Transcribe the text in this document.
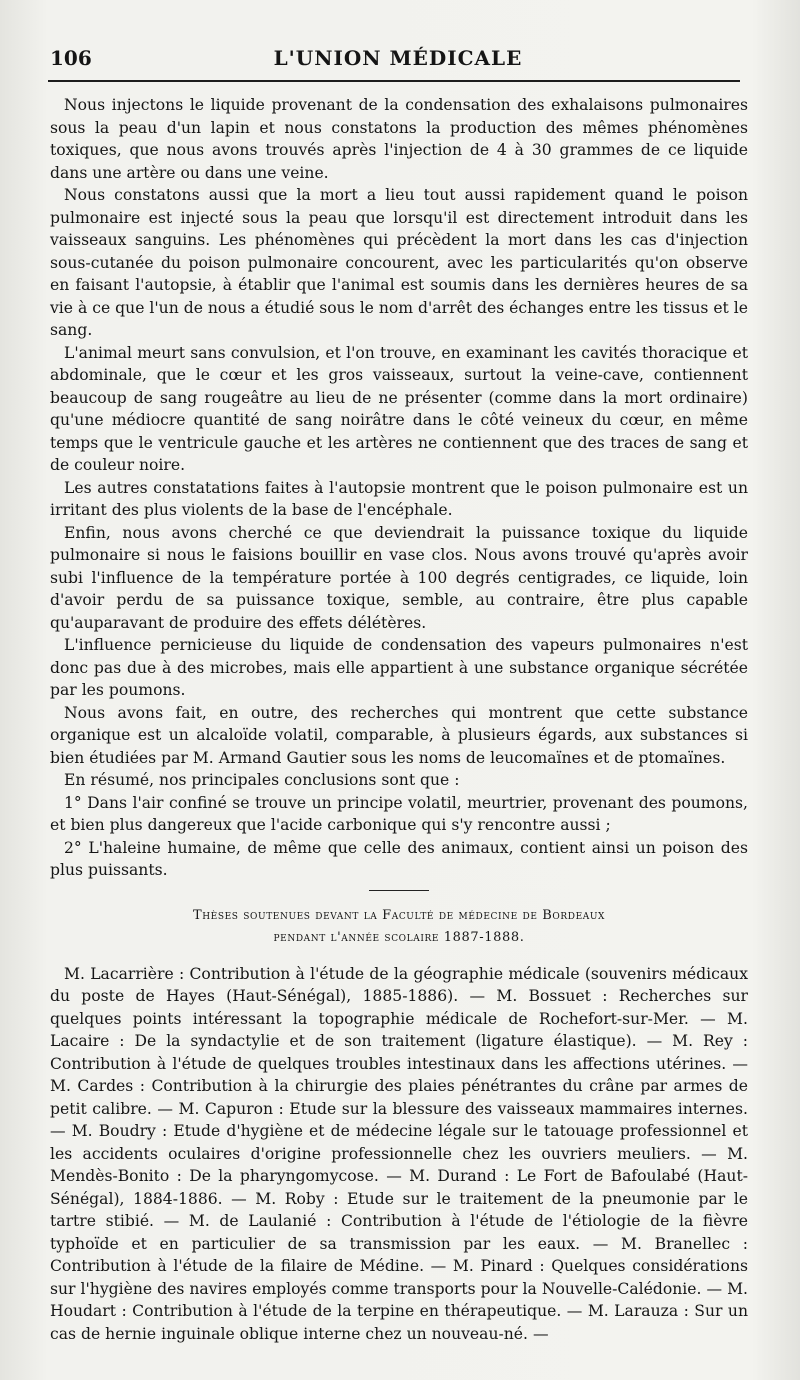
106	L'UNION MÉDICALE

Nous injectons le liquide provenant de la condensation des exhalaisons pulmonaires sous la peau d'un lapin et nous constatons la production des mêmes phénomènes toxiques, que nous avons trouvés après l'injection de 4 à 30 grammes de ce liquide dans une artère ou dans une veine.

Nous constatons aussi que la mort a lieu tout aussi rapidement quand le poison pulmonaire est injecté sous la peau que lorsqu'il est directement introduit dans les vaisseaux sanguins. Les phénomènes qui précèdent la mort dans les cas d'injection sous-cutanée du poison pulmonaire concourent, avec les particularités qu'on observe en faisant l'autopsie, à établir que l'animal est soumis dans les dernières heures de sa vie à ce que l'un de nous a étudié sous le nom d'arrêt des échanges entre les tissus et le sang.

L'animal meurt sans convulsion, et l'on trouve, en examinant les cavités thoracique et abdominale, que le cœur et les gros vaisseaux, surtout la veine-cave, contiennent beaucoup de sang rougeâtre au lieu de ne présenter (comme dans la mort ordinaire) qu'une médiocre quantité de sang noirâtre dans le côté veineux du cœur, en même temps que le ventricule gauche et les artères ne contiennent que des traces de sang et de couleur noire.

Les autres constatations faites à l'autopsie montrent que le poison pulmonaire est un irritant des plus violents de la base de l'encéphale.

Enfin, nous avons cherché ce que deviendrait la puissance toxique du liquide pulmonaire si nous le faisions bouillir en vase clos. Nous avons trouvé qu'après avoir subi l'influence de la température portée à 100 degrés centigrades, ce liquide, loin d'avoir perdu de sa puissance toxique, semble, au contraire, être plus capable qu'auparavant de produire des effets délétères.

L'influence pernicieuse du liquide de condensation des vapeurs pulmonaires n'est donc pas due à des microbes, mais elle appartient à une substance organique sécrétée par les poumons.

Nous avons fait, en outre, des recherches qui montrent que cette substance organique est un alcaloïde volatil, comparable, à plusieurs égards, aux substances si bien étudiées par M. Armand Gautier sous les noms de leucomaïnes et de ptomaïnes.

En résumé, nos principales conclusions sont que :

1° Dans l'air confiné se trouve un principe volatil, meurtrier, provenant des poumons, et bien plus dangereux que l'acide carbonique qui s'y rencontre aussi ;

2° L'haleine humaine, de même que celle des animaux, contient ainsi un poison des plus puissants.

Thèses soutenues devant la Faculté de médecine de Bordeaux
pendant l'année scolaire 1887-1888.

M. Lacarrière : Contribution à l'étude de la géographie médicale (souvenirs médicaux du poste de Hayes (Haut-Sénégal), 1885-1886). — M. Bossuet : Recherches sur quelques points intéressant la topographie médicale de Rochefort-sur-Mer. — M. Lacaire : De la syndactylie et de son traitement (ligature élastique). — M. Rey : Contribution à l'étude de quelques troubles intestinaux dans les affections utérines. — M. Cardes : Contribution à la chirurgie des plaies pénétrantes du crâne par armes de petit calibre. — M. Capuron : Etude sur la blessure des vaisseaux mammaires internes. — M. Boudry : Etude d'hygiène et de médecine légale sur le tatouage professionnel et les accidents oculaires d'origine professionnelle chez les ouvriers meuliers. — M. Mendès-Bonito : De la pharyngomycose. — M. Durand : Le Fort de Bafoulabé (Haut-Sénégal), 1884-1886. — M. Roby : Etude sur le traitement de la pneumonie par le tartre stibié. — M. de Laulanié : Contribution à l'étude de l'étiologie de la fièvre typhoïde et en particulier de sa transmission par les eaux. — M. Branellec : Contribution à l'étude de la filaire de Médine. — M. Pinard : Quelques considérations sur l'hygiène des navires employés comme transports pour la Nouvelle-Calédonie. — M. Houdart : Contribution à l'étude de la terpine en thérapeutique. — M. Larauza : Sur un cas de hernie inguinale oblique interne chez un nouveau-né. —
